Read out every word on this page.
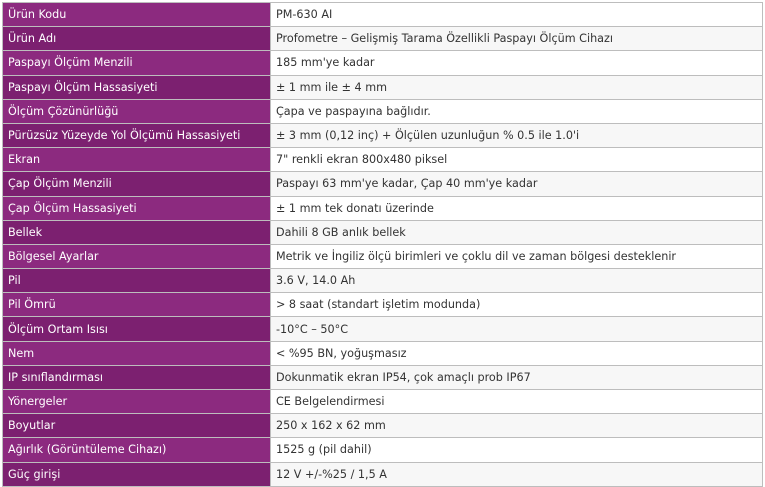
Ürün Kodu	PM-630 AI
Ürün Adı	Profometre – Gelişmiş Tarama Özellikli Paspayı Ölçüm Cihazı
Paspayı Ölçüm Menzili	185 mm'ye kadar
Paspayı Ölçüm Hassasiyeti	± 1 mm ile ± 4 mm
Ölçüm Çözünürlüğü	Çapa ve paspayına bağlıdır.
Pürüzsüz Yüzeyde Yol Ölçümü Hassasiyeti	± 3 mm (0,12 inç) + Ölçülen uzunluğun % 0.5 ile 1.0'i
Ekran	7" renkli ekran 800x480 piksel
Çap Ölçüm Menzili	Paspayı 63 mm'ye kadar, Çap 40 mm'ye kadar
Çap Ölçüm Hassasiyeti	± 1 mm tek donatı üzerinde
Bellek	Dahili 8 GB anlık bellek
Bölgesel Ayarlar	Metrik ve İngiliz ölçü birimleri ve çoklu dil ve zaman bölgesi desteklenir
Pil	3.6 V, 14.0 Ah
Pil Ömrü	> 8 saat (standart işletim modunda)
Ölçüm Ortam Isısı	-10°C – 50°C
Nem	< %95 BN, yoğuşmasız
IP sınıflandırması	Dokunmatik ekran IP54, çok amaçlı prob IP67
Yönergeler	CE Belgelendirmesi
Boyutlar	250 x 162 x 62 mm
Ağırlık (Görüntüleme Cihazı)	1525 g (pil dahil)
Güç girişi	12 V +/-%25 / 1,5 A
